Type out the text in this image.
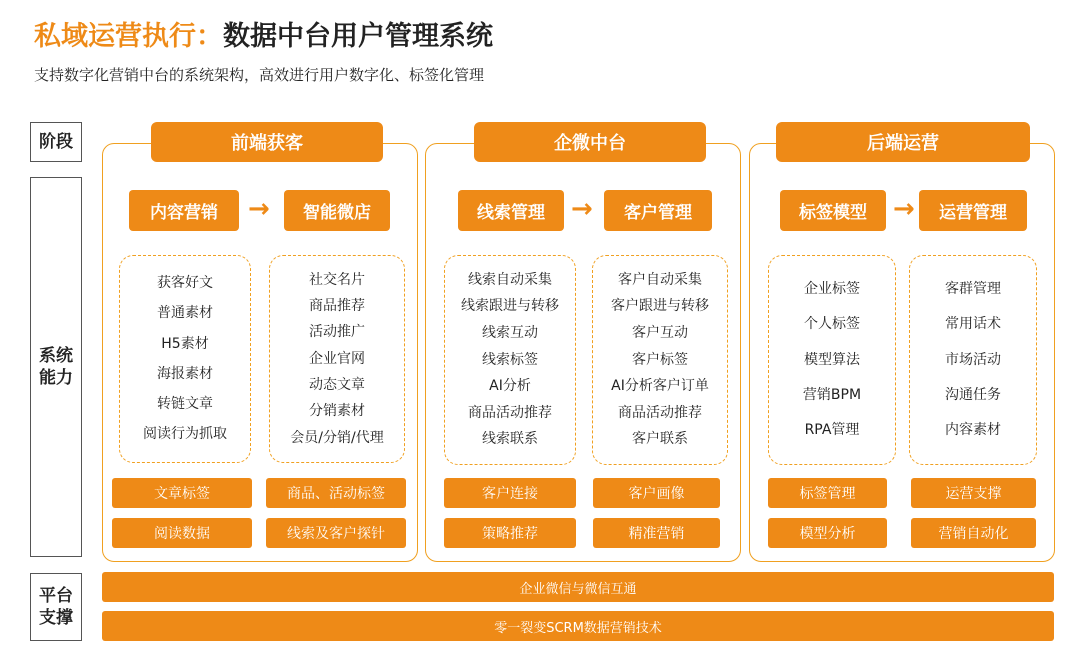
私域运营执行：数据中台用户管理系统
支持数字化营销中台的系统架构，高效进行用户数字化、标签化管理
阶段
系统能力
平台支撑
前端获客
内容营销	→	智能微店
获客好文
普通素材
H5素材
海报素材
转链文章
阅读行为抓取
社交名片
商品推荐
活动推广
企业官网
动态文章
分销素材
会员/分销/代理
文章标签	商品、活动标签
阅读数据	线索及客户探针
企微中台
线索管理	→	客户管理
线索自动采集
线索跟进与转移
线索互动
线索标签
AI分析
商品活动推荐
线索联系
客户自动采集
客户跟进与转移
客户互动
客户标签
AI分析客户订单
商品活动推荐
客户联系
客户连接	客户画像
策略推荐	精准营销
后端运营
标签模型	→	运营管理
企业标签
个人标签
模型算法
营销BPM
RPA管理
客群管理
常用话术
市场活动
沟通任务
内容素材
标签管理	运营支撑
模型分析	营销自动化
企业微信与微信互通
零一裂变SCRM数据营销技术
